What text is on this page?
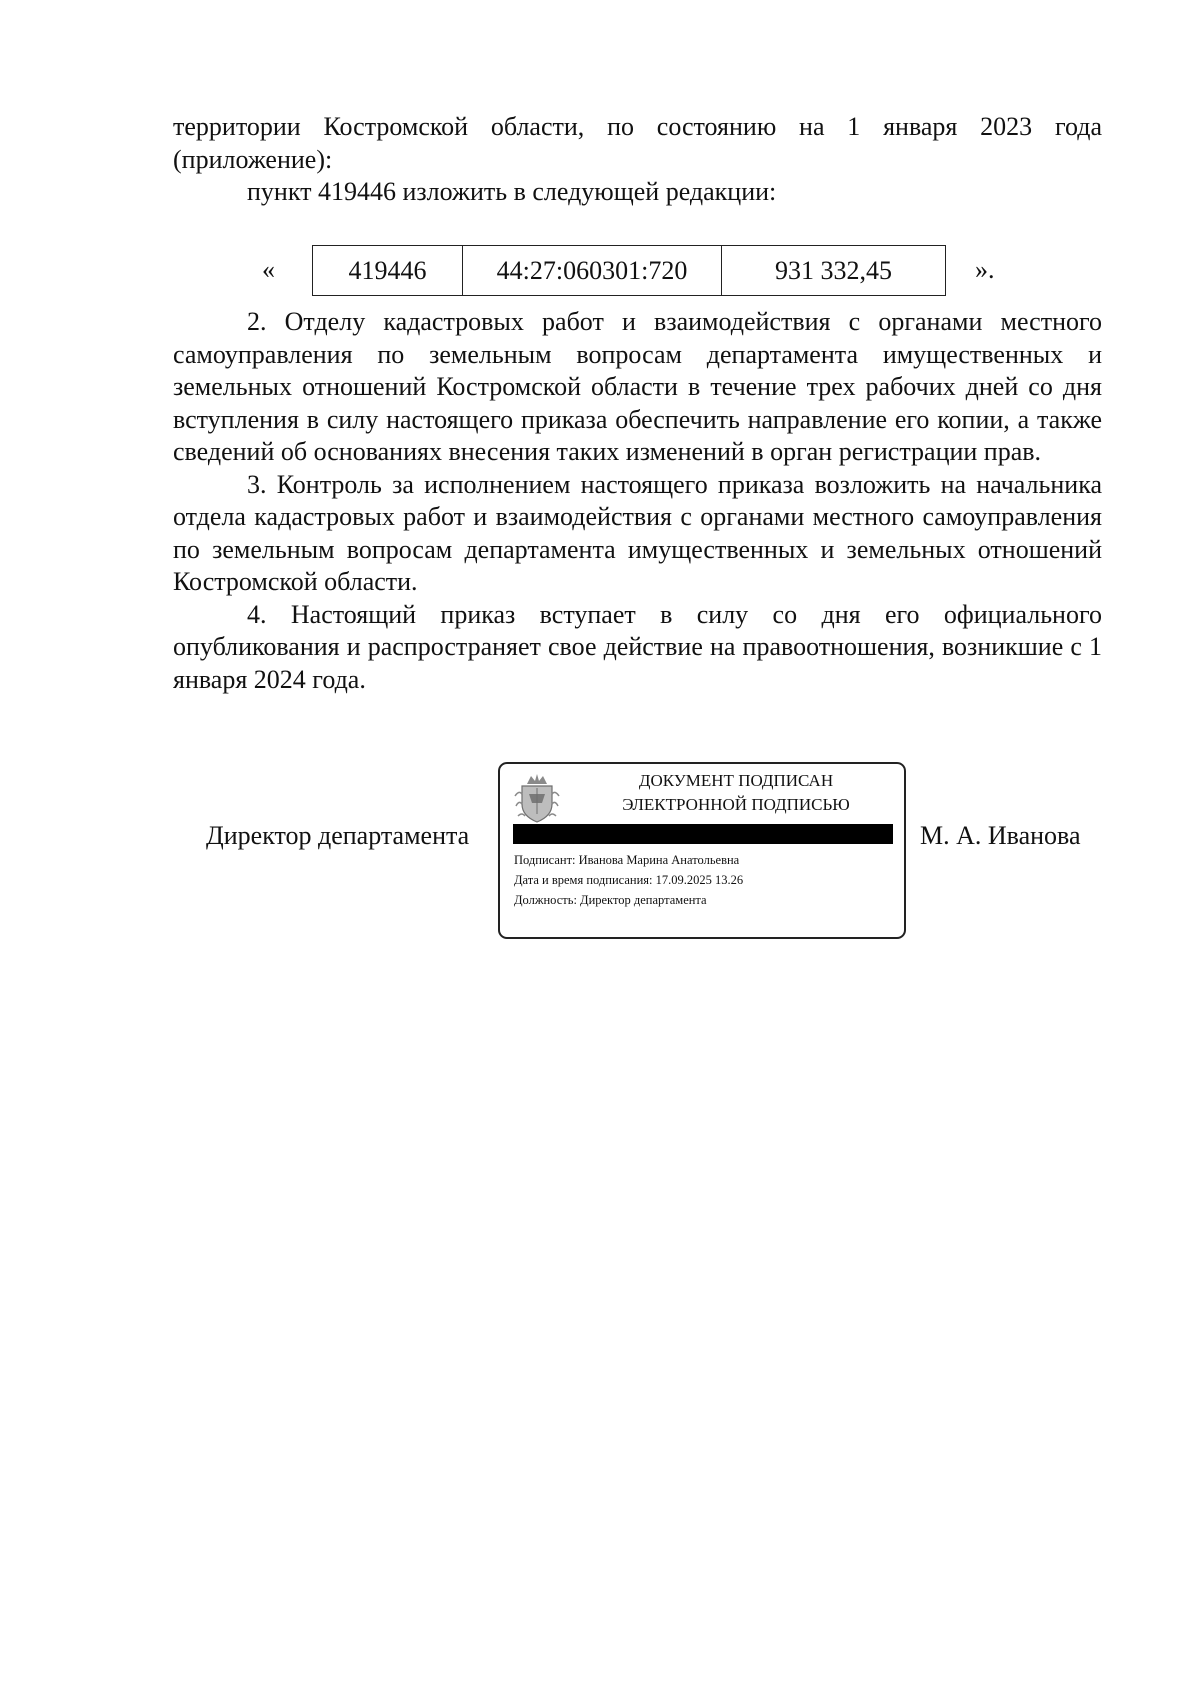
территории Костромской области, по состоянию на 1 января 2023 года

(приложение):

пункт 419446 изложить в следующей редакции:

«	419446	44:27:060301:720	931 332,45	».

2. Отделу кадастровых работ и взаимодействия с органами местного самоуправления по земельным вопросам департамента имущественных и земельных отношений Костромской области в течение трех рабочих дней со дня вступления в силу настоящего приказа обеспечить направление его копии, а также сведений об основаниях внесения таких изменений в орган регистрации прав.

3. Контроль за исполнением настоящего приказа возложить на начальника отдела кадастровых работ и взаимодействия с органами местного самоуправления по земельным вопросам департамента имущественных и земельных отношений Костромской области.

4. Настоящий приказ вступает в силу со дня его официального опубликования и распространяет свое действие на правоотношения, возникшие с 1 января 2024 года.

Директор департамента
ДОКУМЕНТ ПОДПИСАН
ЭЛЕКТРОННОЙ ПОДПИСЬЮ
Подписант: Иванова Марина Анатольевна
Дата и время подписания: 17.09.2025 13.26
Должность: Директор департамента
М. А. Иванова
